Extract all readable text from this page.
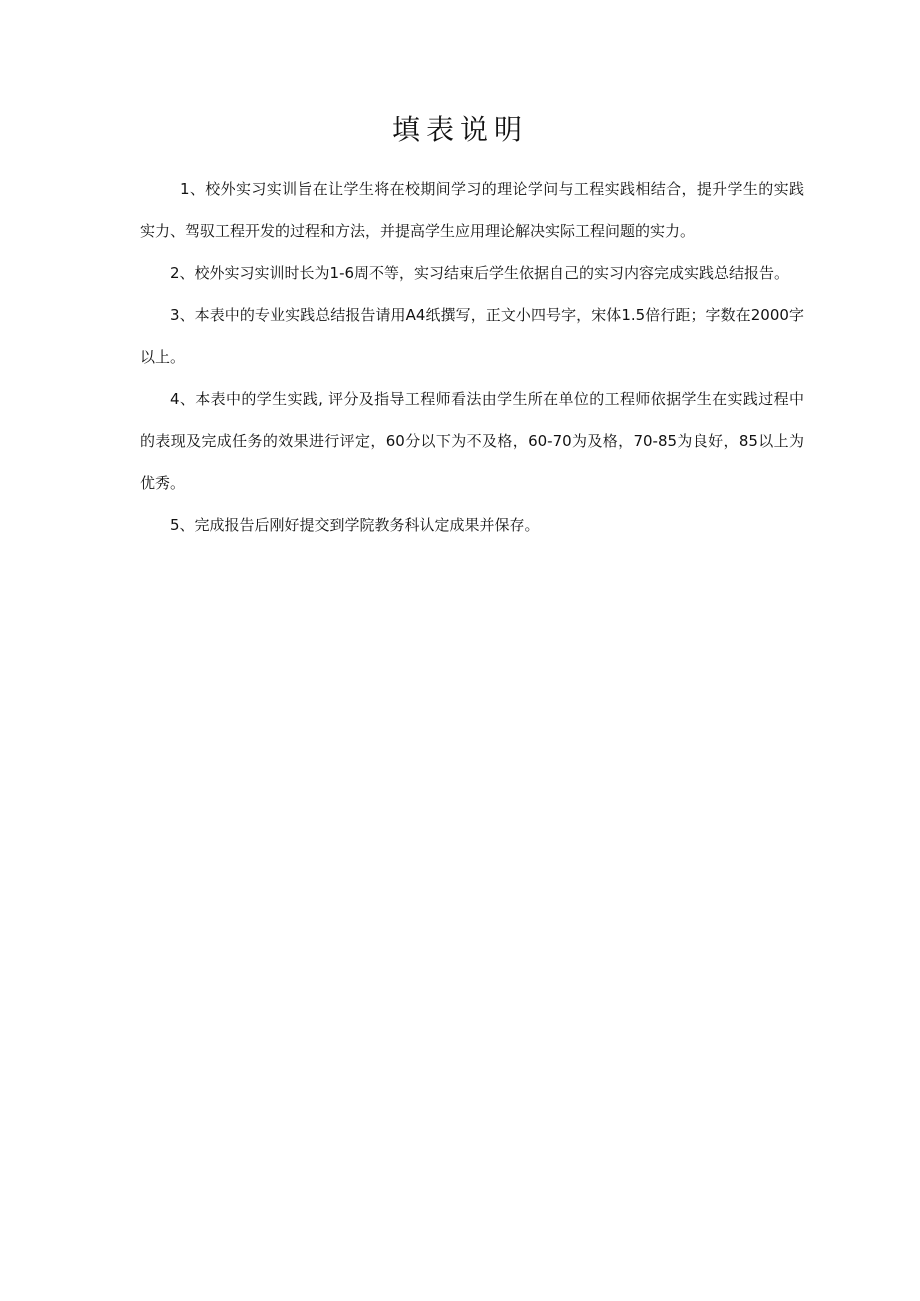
填表说明

1、校外实习实训旨在让学生将在校期间学习的理论学问与工程实践相结合，提升学生的实践实力、驾驭工程开发的过程和方法，并提高学生应用理论解决实际工程问题的实力。

2、校外实习实训时长为1-6周不等，实习结束后学生依据自己的实习内容完成实践总结报告。

3、本表中的专业实践总结报告请用A4纸撰写，正文小四号字，宋体1.5倍行距；字数在2000字以上。

4、本表中的学生实践, 评分及指导工程师看法由学生所在单位的工程师依据学生在实践过程中的表现及完成任务的效果进行评定，60分以下为不及格，60-70为及格，70-85为良好，85以上为优秀。

5、完成报告后刚好提交到学院教务科认定成果并保存。
